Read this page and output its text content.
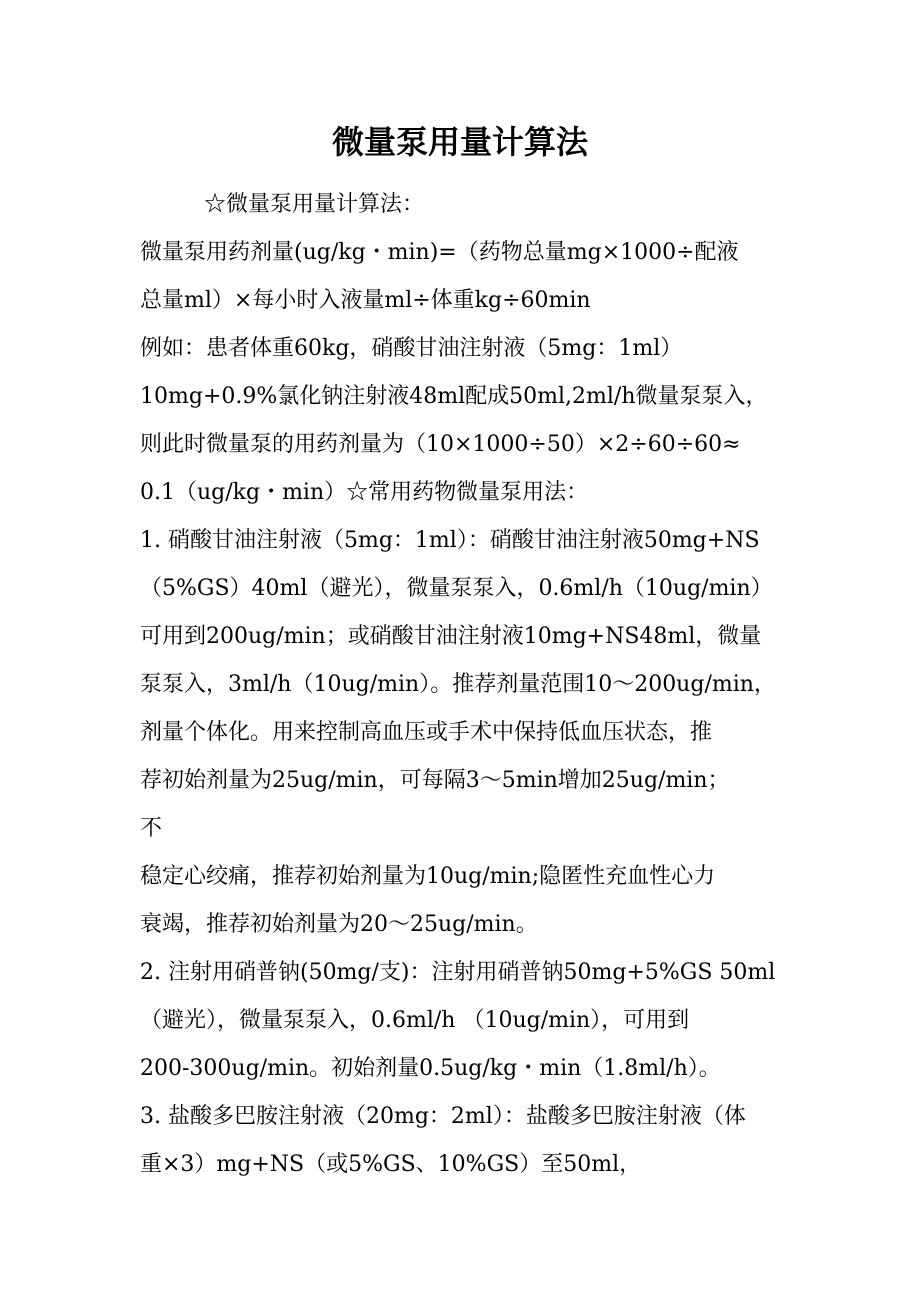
微量泵用量计算法
☆微量泵用量计算法：
微量泵用药剂量(ug/kg・min)=（药物总量mg×1000÷配液
总量ml）×每小时入液量ml÷体重kg÷60min
例如：患者体重60kg，硝酸甘油注射液（5mg：1ml）
10mg+0.9%氯化钠注射液48ml配成50ml,2ml/h微量泵泵入，
则此时微量泵的用药剂量为（10×1000÷50）×2÷60÷60≈
0.1（ug/kg・min）☆常用药物微量泵用法：
1. 硝酸甘油注射液（5mg：1ml）：硝酸甘油注射液50mg+NS
（5%GS）40ml（避光），微量泵泵入，0.6ml/h（10ug/min）
可用到200ug/min；或硝酸甘油注射液10mg+NS48ml，微量
泵泵入，3ml/h（10ug/min）。推荐剂量范围10～200ug/min，
剂量个体化。用来控制高血压或手术中保持低血压状态，推
荐初始剂量为25ug/min，可每隔3～5min增加25ug/min；
不
稳定心绞痛，推荐初始剂量为10ug/min;隐匿性充血性心力
衰竭，推荐初始剂量为20～25ug/min。
2. 注射用硝普钠(50mg/支)：注射用硝普钠50mg+5%GS 50ml
（避光），微量泵泵入，0.6ml/h （10ug/min），可用到
200-300ug/min。初始剂量0.5ug/kg・min（1.8ml/h）。
3. 盐酸多巴胺注射液（20mg：2ml）：盐酸多巴胺注射液（体
重×3）mg+NS（或5%GS、10%GS）至50ml，
